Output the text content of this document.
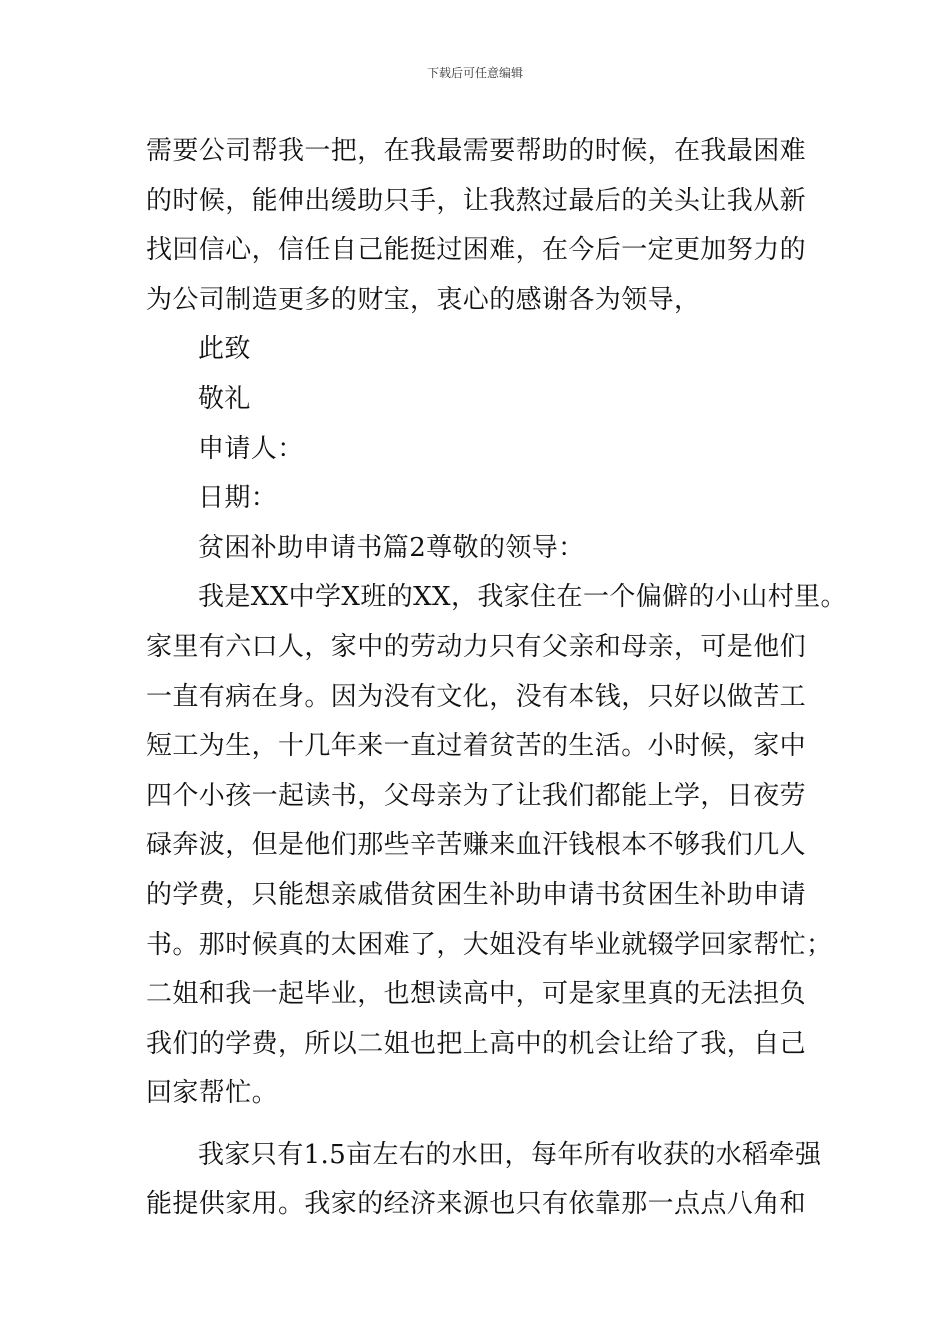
下载后可任意编辑
需要公司帮我一把，在我最需要帮助的时候，在我最困难
的时候，能伸出缓助只手，让我熬过最后的关头让我从新
找回信心，信任自己能挺过困难，在今后一定更加努力的
为公司制造更多的财宝，衷心的感谢各为领导，
此致
敬礼
申请人：
日期：
贫困补助申请书篇2尊敬的领导：
我是XX中学X班的XX，我家住在一个偏僻的小山村里。
家里有六口人，家中的劳动力只有父亲和母亲，可是他们
一直有病在身。因为没有文化，没有本钱，只好以做苦工
短工为生，十几年来一直过着贫苦的生活。小时候，家中
四个小孩一起读书，父母亲为了让我们都能上学，日夜劳
碌奔波，但是他们那些辛苦赚来血汗钱根本不够我们几人
的学费，只能想亲戚借贫困生补助申请书贫困生补助申请
书。那时候真的太困难了，大姐没有毕业就辍学回家帮忙；
二姐和我一起毕业，也想读高中，可是家里真的无法担负
我们的学费，所以二姐也把上高中的机会让给了我，自己
回家帮忙。
我家只有1.5亩左右的水田，每年所有收获的水稻牵强
能提供家用。我家的经济来源也只有依靠那一点点八角和
